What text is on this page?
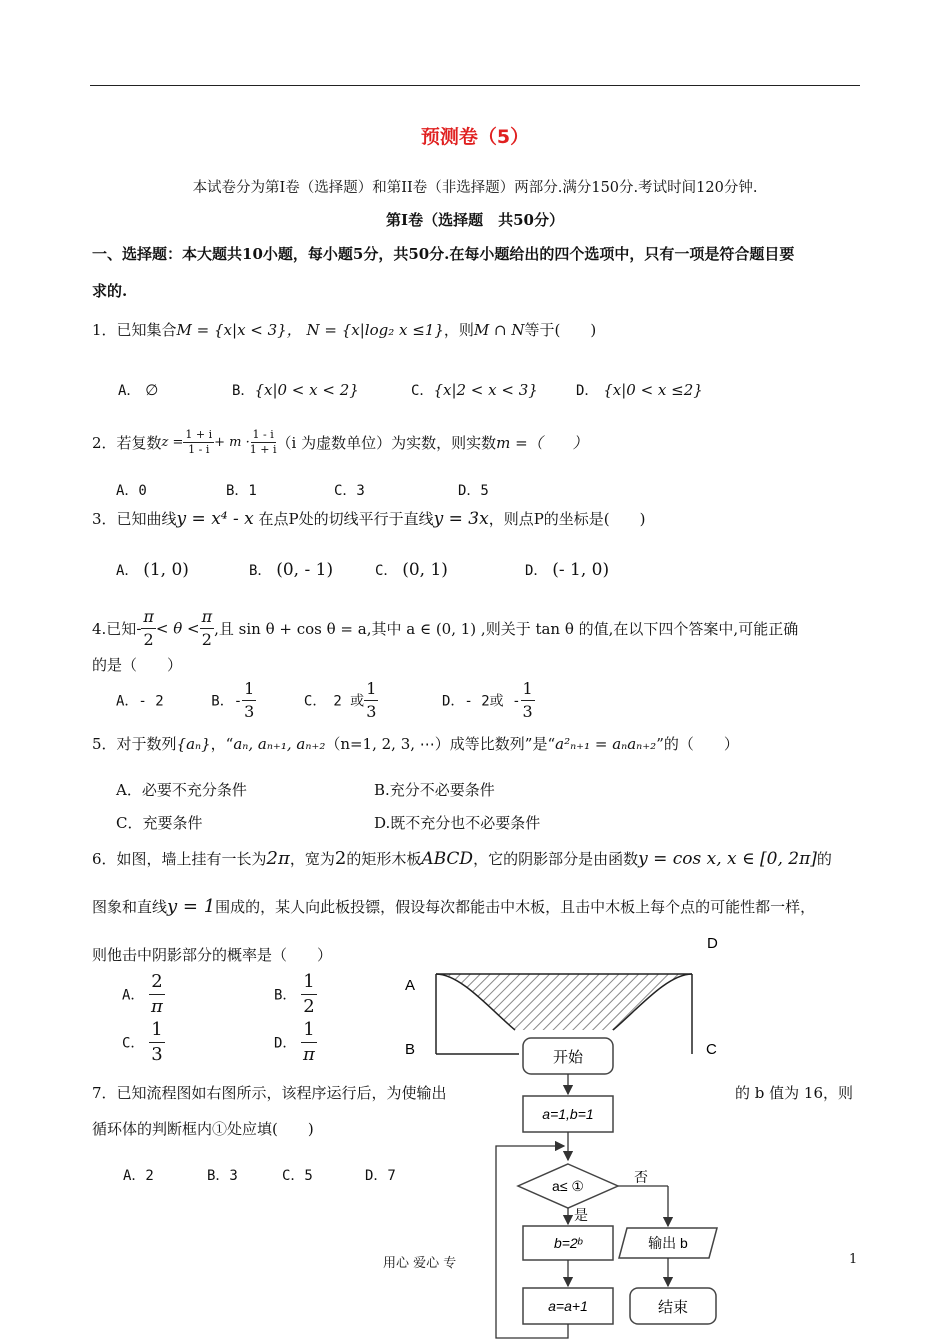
预测卷（5）
本试卷分为第Ⅰ卷（选择题）和第ⅠⅠ卷（非选择题）两部分.满分150分.考试时间120分钟.
第Ⅰ卷（选择题　共50分）
一、选择题：本大题共10小题，每小题5分，共50分.在每小题给出的四个选项中，只有一项是符合题目要
求的.
1．已知集合M = {x|x < 3}， N = {x|log₂ x ≤1}，则M ∩ N等于(　　)
A． ∅	B．{x|0 < x < 2}	C．{x|2 < x < 3}	D． {x|0 < x ≤2}
2．若复数$z = \frac{1 + i}{1 - i} + m \cdot \frac{1 - i}{1 + i} (i$ 为虚数单位）为实数，则实数m =（　　）
A．0	B．1	C．3	D．5
3．已知曲线y = x⁴ - x 在点P处的切线平行于直线y = 3x，则点P的坐标是(　　)
A． (1, 0)	B． (0, - 1)	C． (0, 1)	D． (- 1, 0)
4.已知- $\frac{\pi}{2} < \theta < \frac{\pi}{2}$ ,且 sin θ + cos θ = a,其中 a ∈ (0, 1) ,则关于 tan θ 的值,在以下四个答案中,可能正确
的是（　　）
A．- 2	B．- $\frac{1}{3}$	C．　2 或 $\frac{1}{3}$	D．- 2或 - $\frac{1}{3}$
5．对于数列{aₙ}，“aₙ, aₙ₊₁, aₙ₊₂（n=1, 2, 3, ⋯）成等比数列”是“a²ₙ₊₁ = aₙaₙ₊₂”的（　　）
A．必要不充分条件	B.充分不必要条件
C．充要条件	D.既不充分也不必要条件
6．如图，墙上挂有一长为2π，宽为2的矩形木板ABCD，它的阴影部分是由函数y = cos x, x ∈ [0, 2π]的
图象和直线y = 1围成的，某人向此板投镖，假设每次都能击中木板，且击中木板上每个点的可能性都一样，
则他击中阴影部分的概率是（　　）
A． $\frac{2}{\pi}$	B． $\frac{1}{2}$
C． $\frac{1}{3}$	D． $\frac{1}{\pi}$
A
B	C
D
7．已知流程图如右图所示，该程序运行后，为使输出	的 b 值为 16，则
循环体的判断框内①处应填(　　)
A．2	B．3	C．5	D．7
开始
a=1,b=1
a≤ ①
否
是
b=2ᵇ	输出 b
a=a+1	结束
用心 爱心 专	1
